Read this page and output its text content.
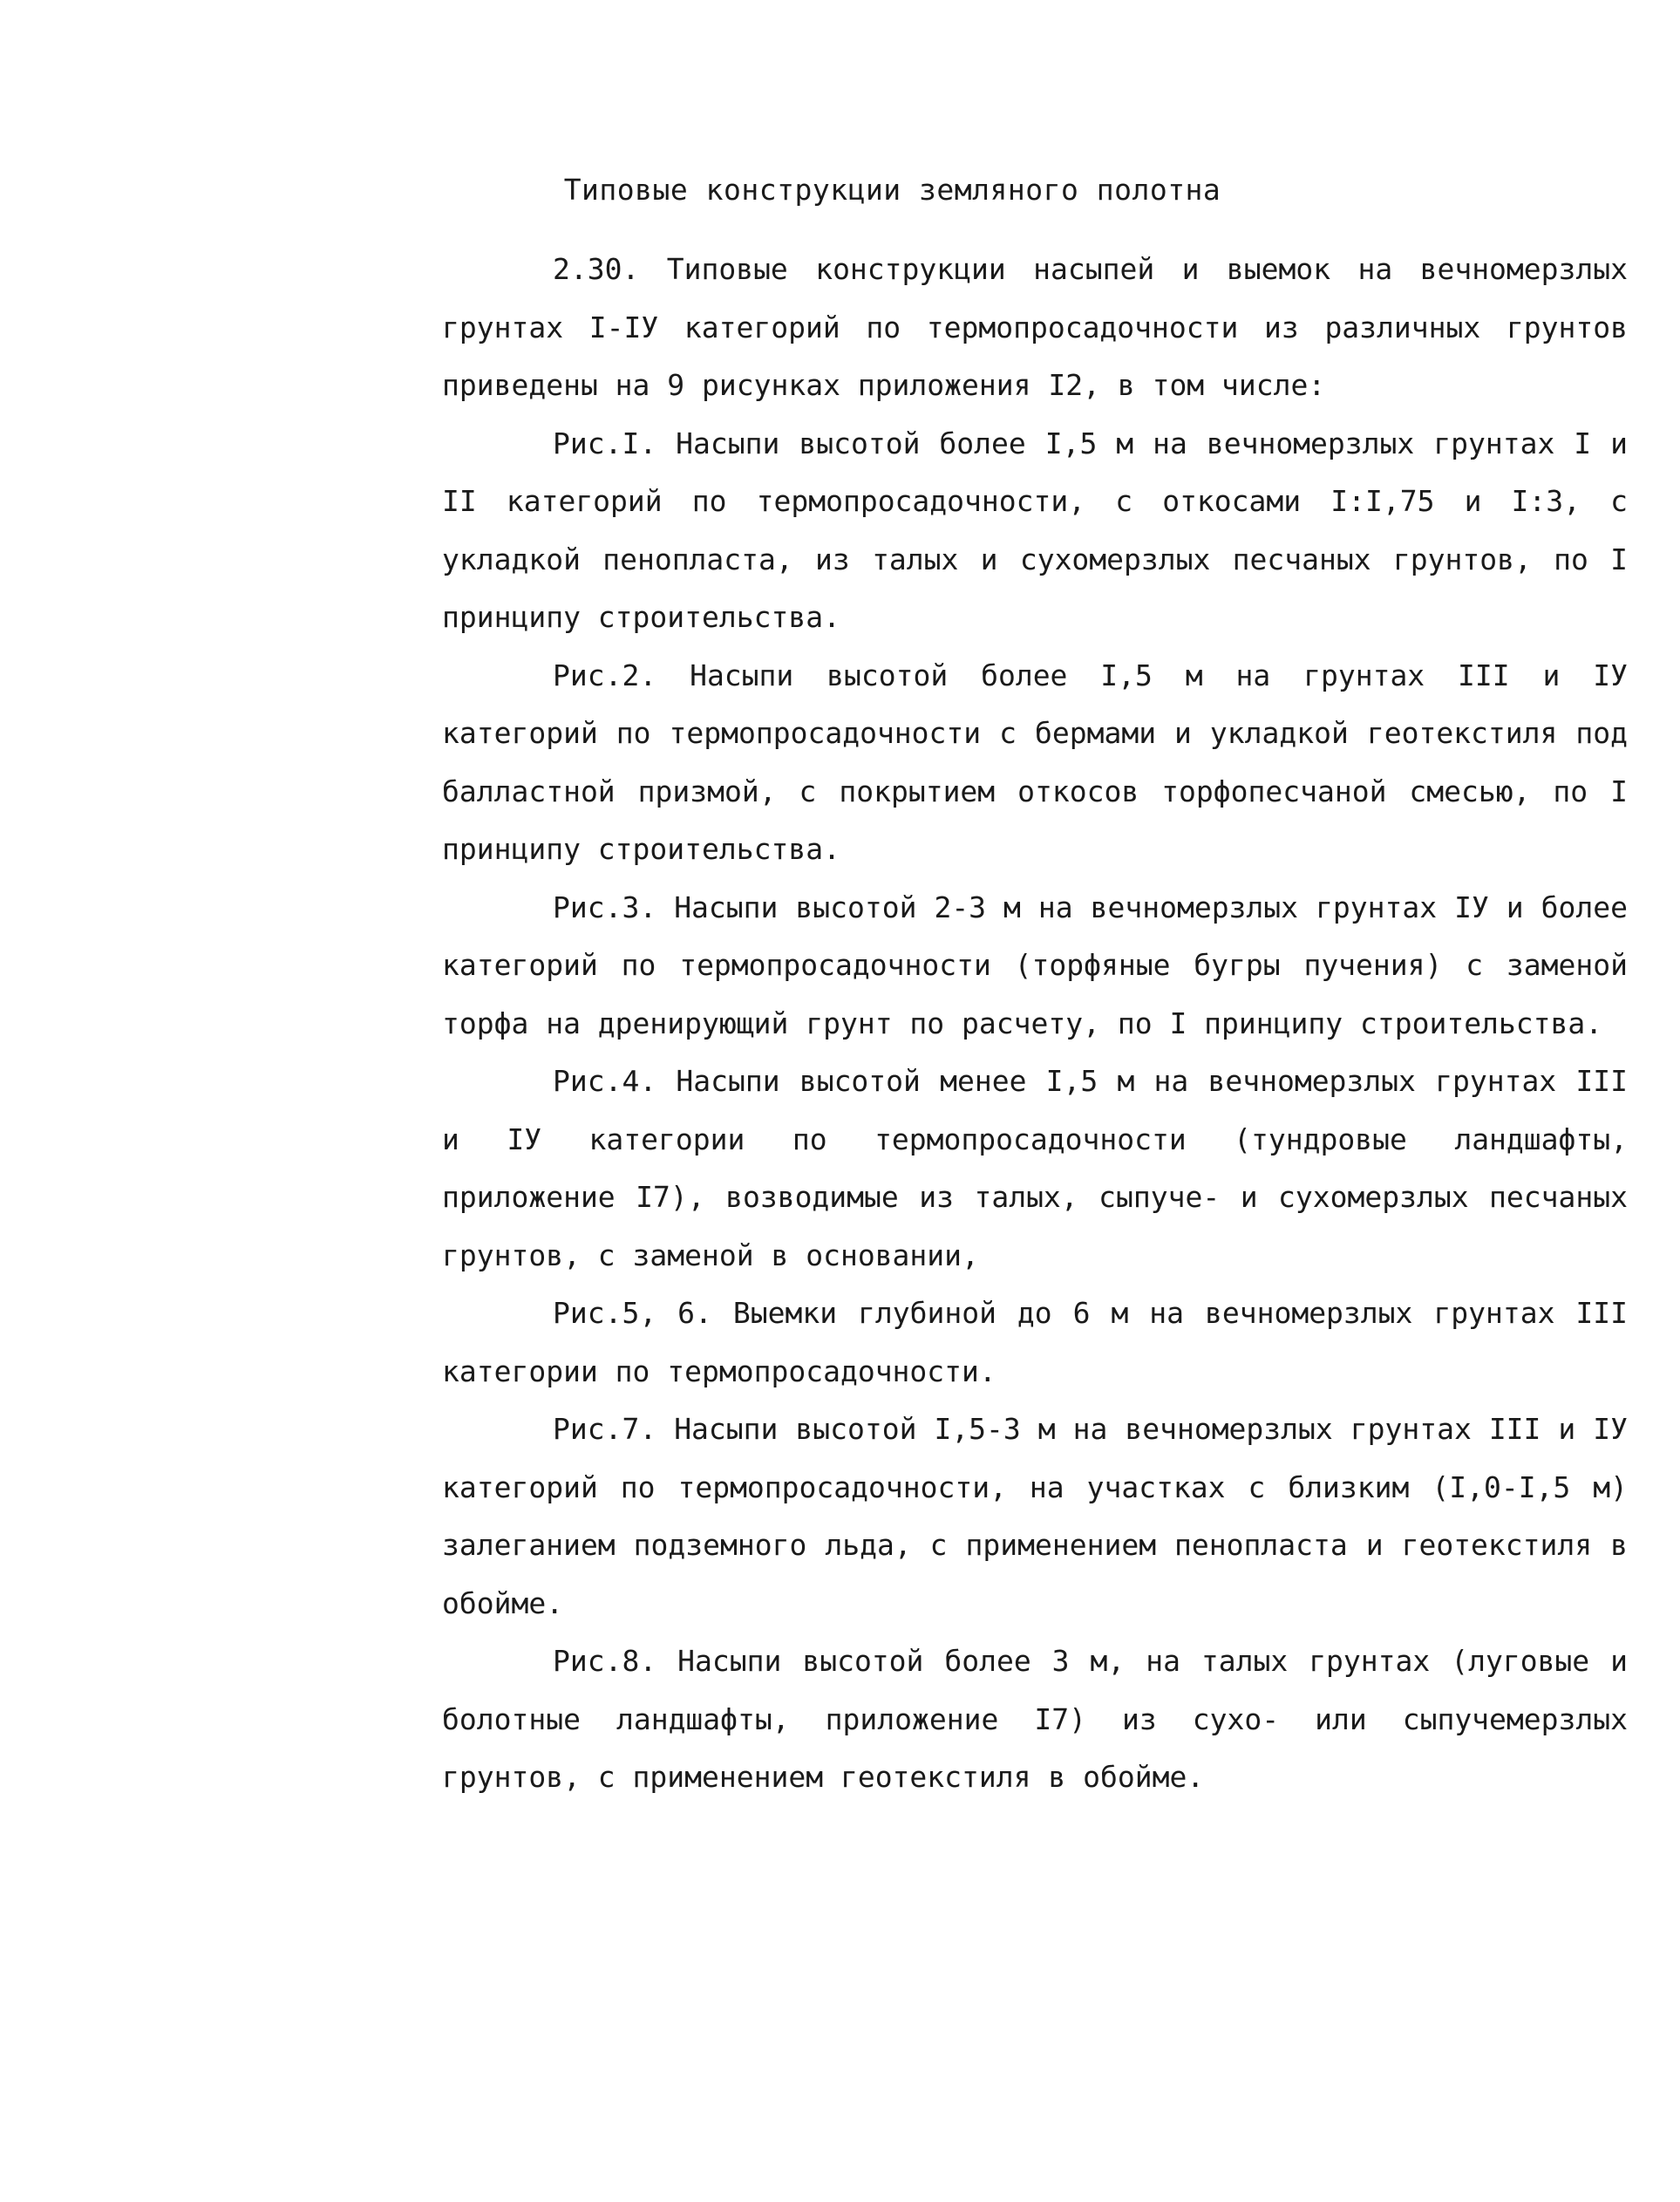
Типовые конструкции земляного полотна

2.30. Типовые конструкции насыпей и выемок на вечномерзлых грунтах I-IУ категорий по термопросадочности из различных грунтов приведены на 9 рисунках приложения I2, в том числе:

Рис.I. Насыпи высотой более I,5 м на вечномерзлых грунтах I и II категорий по термопросадочности, с откосами I:I,75 и I:3, с укладкой пенопласта, из талых и сухомерзлых песчаных грунтов, по I принципу строительства.

Рис.2. Насыпи высотой более I,5 м на грунтах III и IУ категорий по термопросадочности с бермами и укладкой геотекстиля под балластной призмой, с покрытием откосов торфопесчаной смесью, по I принципу строительства.

Рис.3. Насыпи высотой 2-3 м на вечномерзлых грунтах IУ и более категорий по термопросадочности (торфяные бугры пучения) с заменой торфа на дренирующий грунт по расчету, по I принципу строительства.

Рис.4. Насыпи высотой менее I,5 м на вечномерзлых грунтах III и IУ категории по термопросадочности (тундровые ландшафты, приложение I7), возводимые из талых, сыпуче- и сухомерзлых песчаных грунтов, с заменой в основании,

Рис.5, 6. Выемки глубиной до 6 м на вечномерзлых грунтах III категории по термопросадочности.

Рис.7. Насыпи высотой I,5-3 м на вечномерзлых грунтах III и IУ категорий по термопросадочности, на участках с близким (I,0-I,5 м) залеганием подземного льда, с применением пенопласта и геотекстиля в обойме.

Рис.8. Насыпи высотой более 3 м, на талых грунтах (луговые и болотные ландшафты, приложение I7) из сухо- или сыпучемерзлых грунтов, с применением геотекстиля в обойме.
